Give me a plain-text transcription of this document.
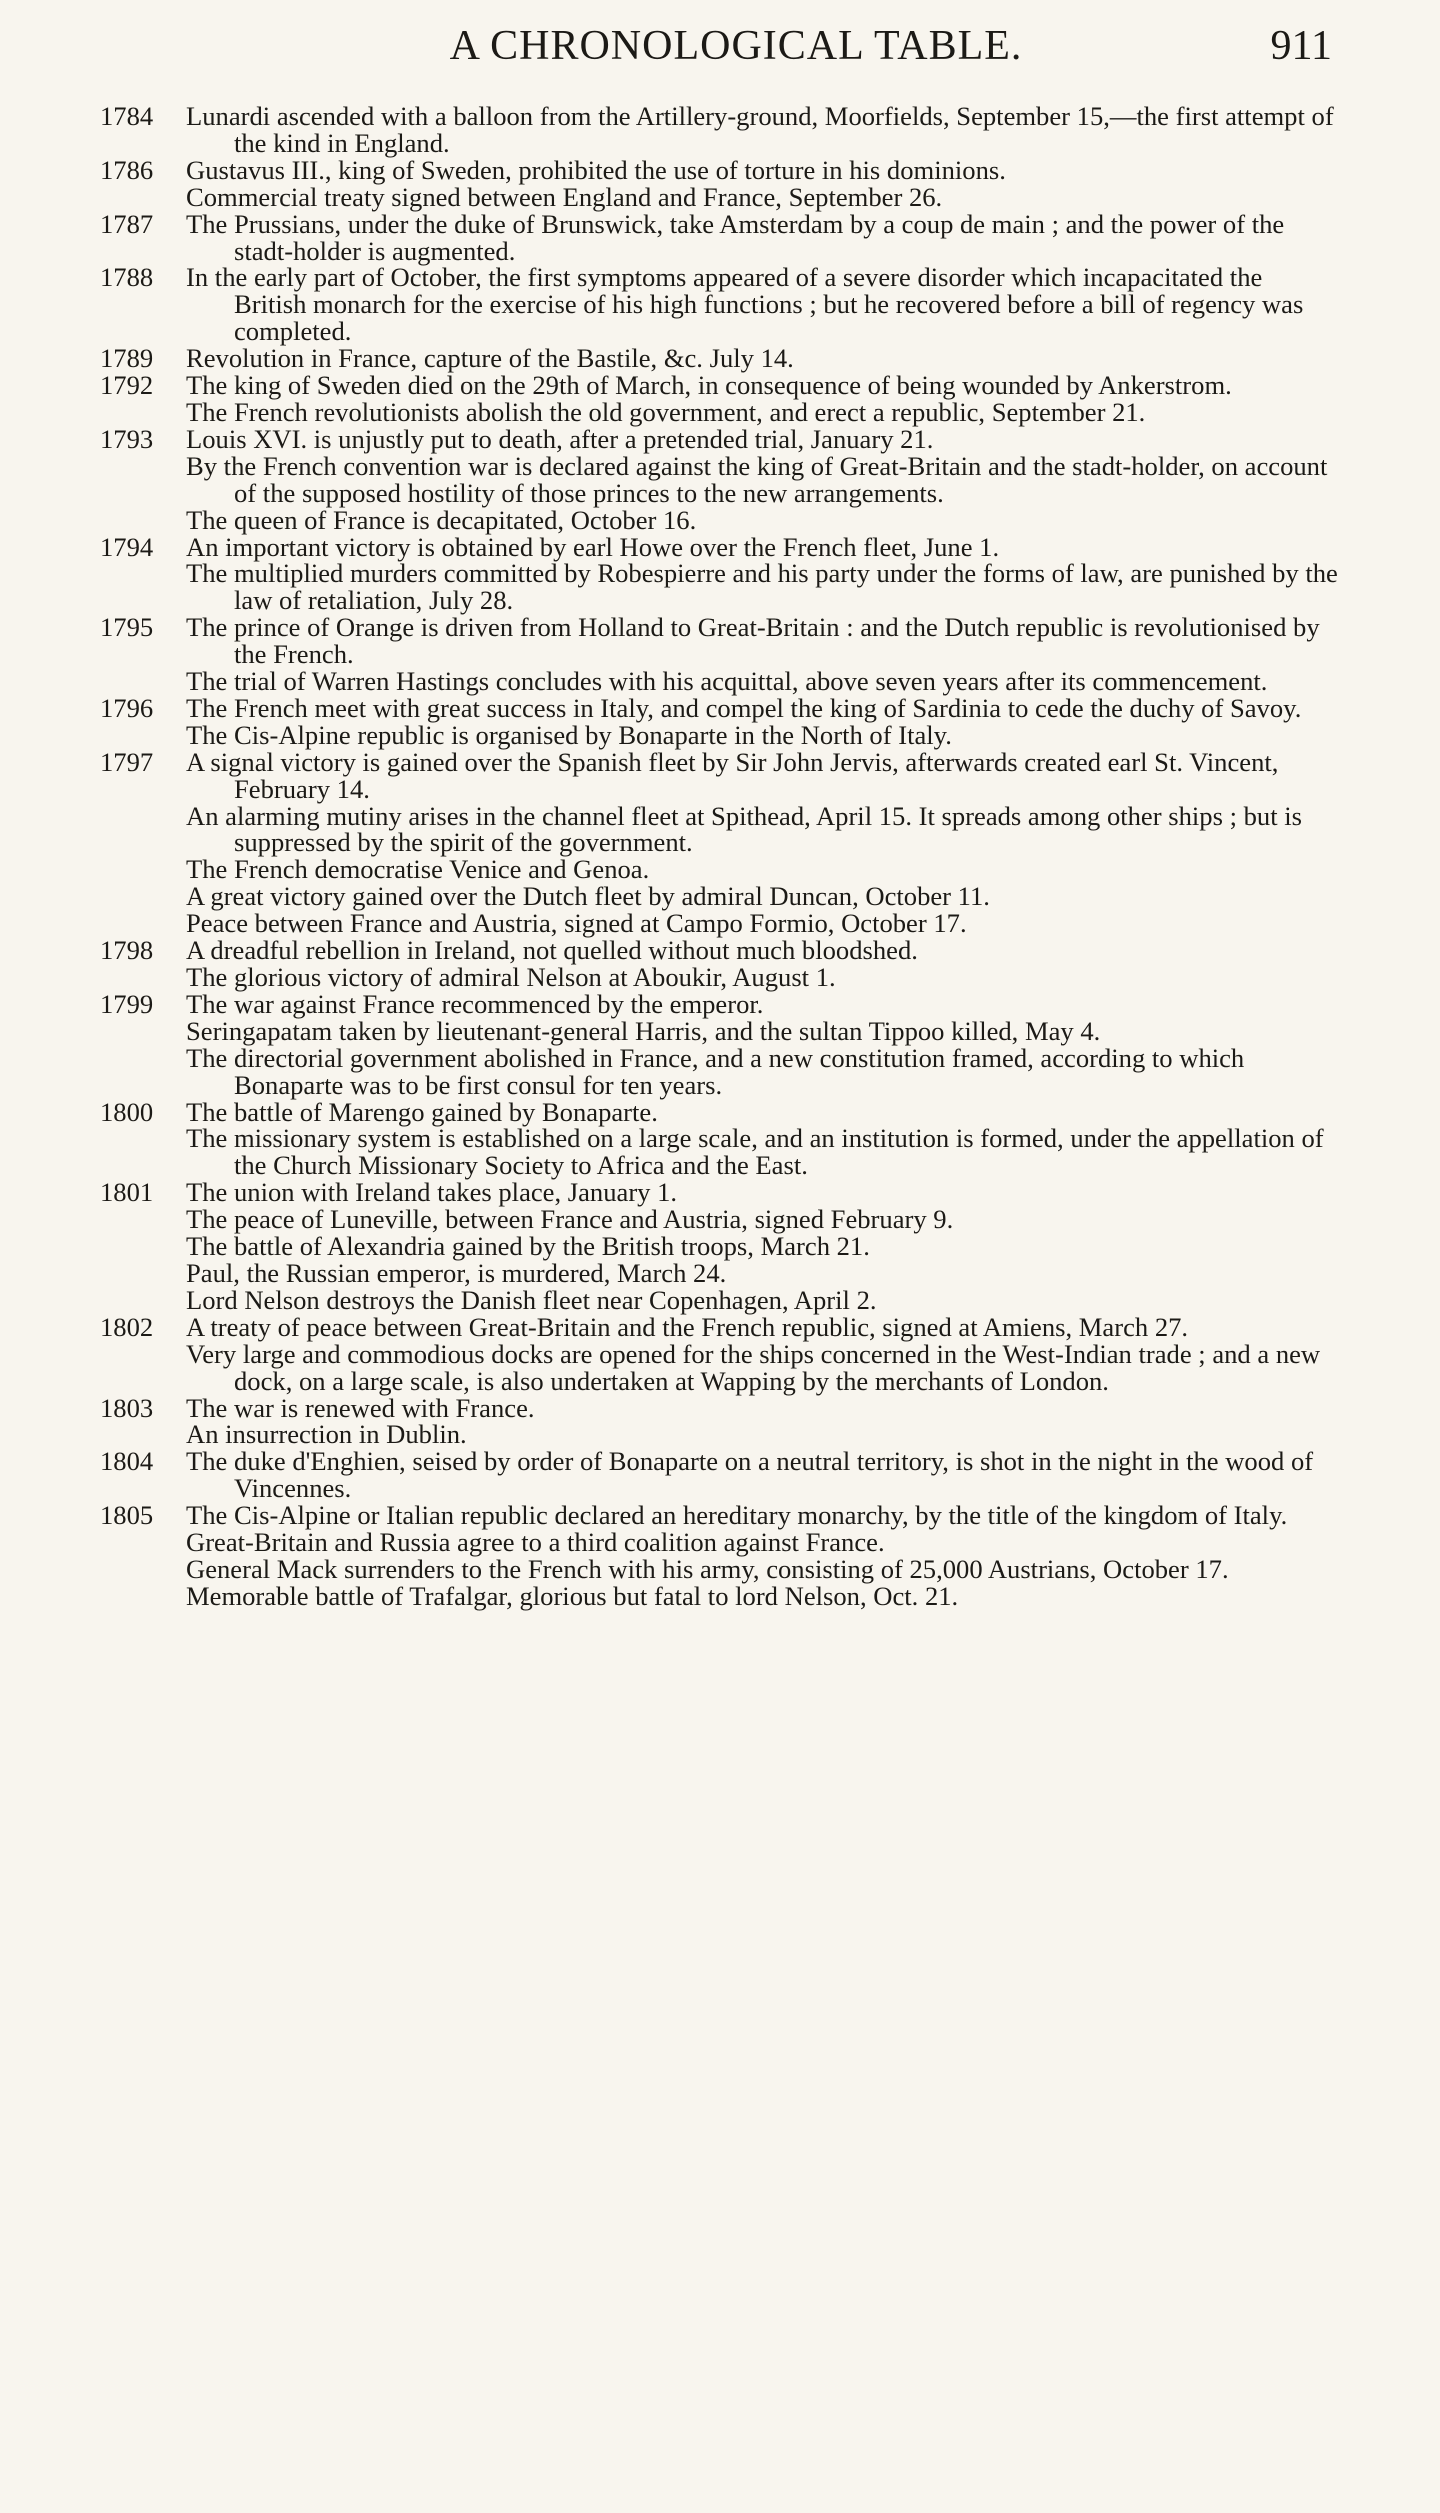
A CHRONOLOGICAL TABLE.	911
1784	Lunardi ascended with a balloon from the Artillery-ground, Moorfields, September 15,—the first attempt of the kind in England.
1786	Gustavus III., king of Sweden, prohibited the use of torture in his dominions.
Commercial treaty signed between England and France, September 26.
1787	The Prussians, under the duke of Brunswick, take Amsterdam by a coup de main ; and the power of the stadt-holder is augmented.
1788	In the early part of October, the first symptoms appeared of a severe disorder which incapacitated the British monarch for the exercise of his high functions ; but he recovered before a bill of regency was completed.
1789	Revolution in France, capture of the Bastile, &c. July 14.
1792	The king of Sweden died on the 29th of March, in consequence of being wounded by Ankerstrom.
The French revolutionists abolish the old government, and erect a republic, September 21.
1793	Louis XVI. is unjustly put to death, after a pretended trial, January 21.
By the French convention war is declared against the king of Great-Britain and the stadt-holder, on account of the supposed hostility of those princes to the new arrangements.
The queen of France is decapitated, October 16.
1794	An important victory is obtained by earl Howe over the French fleet, June 1.
The multiplied murders committed by Robespierre and his party under the forms of law, are punished by the law of retaliation, July 28.
1795	The prince of Orange is driven from Holland to Great-Britain : and the Dutch republic is revolutionised by the French.
The trial of Warren Hastings concludes with his acquittal, above seven years after its commencement.
1796	The French meet with great success in Italy, and compel the king of Sardinia to cede the duchy of Savoy.
The Cis-Alpine republic is organised by Bonaparte in the North of Italy.
1797	A signal victory is gained over the Spanish fleet by Sir John Jervis, afterwards created earl St. Vincent, February 14.
An alarming mutiny arises in the channel fleet at Spithead, April 15. It spreads among other ships ; but is suppressed by the spirit of the government.
The French democratise Venice and Genoa.
A great victory gained over the Dutch fleet by admiral Duncan, October 11.
Peace between France and Austria, signed at Campo Formio, October 17.
1798	A dreadful rebellion in Ireland, not quelled without much bloodshed.
The glorious victory of admiral Nelson at Aboukir, August 1.
1799	The war against France recommenced by the emperor.
Seringapatam taken by lieutenant-general Harris, and the sultan Tippoo killed, May 4.
The directorial government abolished in France, and a new constitution framed, according to which Bonaparte was to be first consul for ten years.
1800	The battle of Marengo gained by Bonaparte.
The missionary system is established on a large scale, and an institution is formed, under the appellation of the Church Missionary Society to Africa and the East.
1801	The union with Ireland takes place, January 1.
The peace of Luneville, between France and Austria, signed February 9.
The battle of Alexandria gained by the British troops, March 21.
Paul, the Russian emperor, is murdered, March 24.
Lord Nelson destroys the Danish fleet near Copenhagen, April 2.
1802	A treaty of peace between Great-Britain and the French republic, signed at Amiens, March 27.
Very large and commodious docks are opened for the ships concerned in the West-Indian trade ; and a new dock, on a large scale, is also undertaken at Wapping by the merchants of London.
1803	The war is renewed with France.
An insurrection in Dublin.
1804	The duke d'Enghien, seised by order of Bonaparte on a neutral territory, is shot in the night in the wood of Vincennes.
1805	The Cis-Alpine or Italian republic declared an hereditary monarchy, by the title of the kingdom of Italy.
Great-Britain and Russia agree to a third coalition against France.
General Mack surrenders to the French with his army, consisting of 25,000 Austrians, October 17.
Memorable battle of Trafalgar, glorious but fatal to lord Nelson, Oct. 21.
